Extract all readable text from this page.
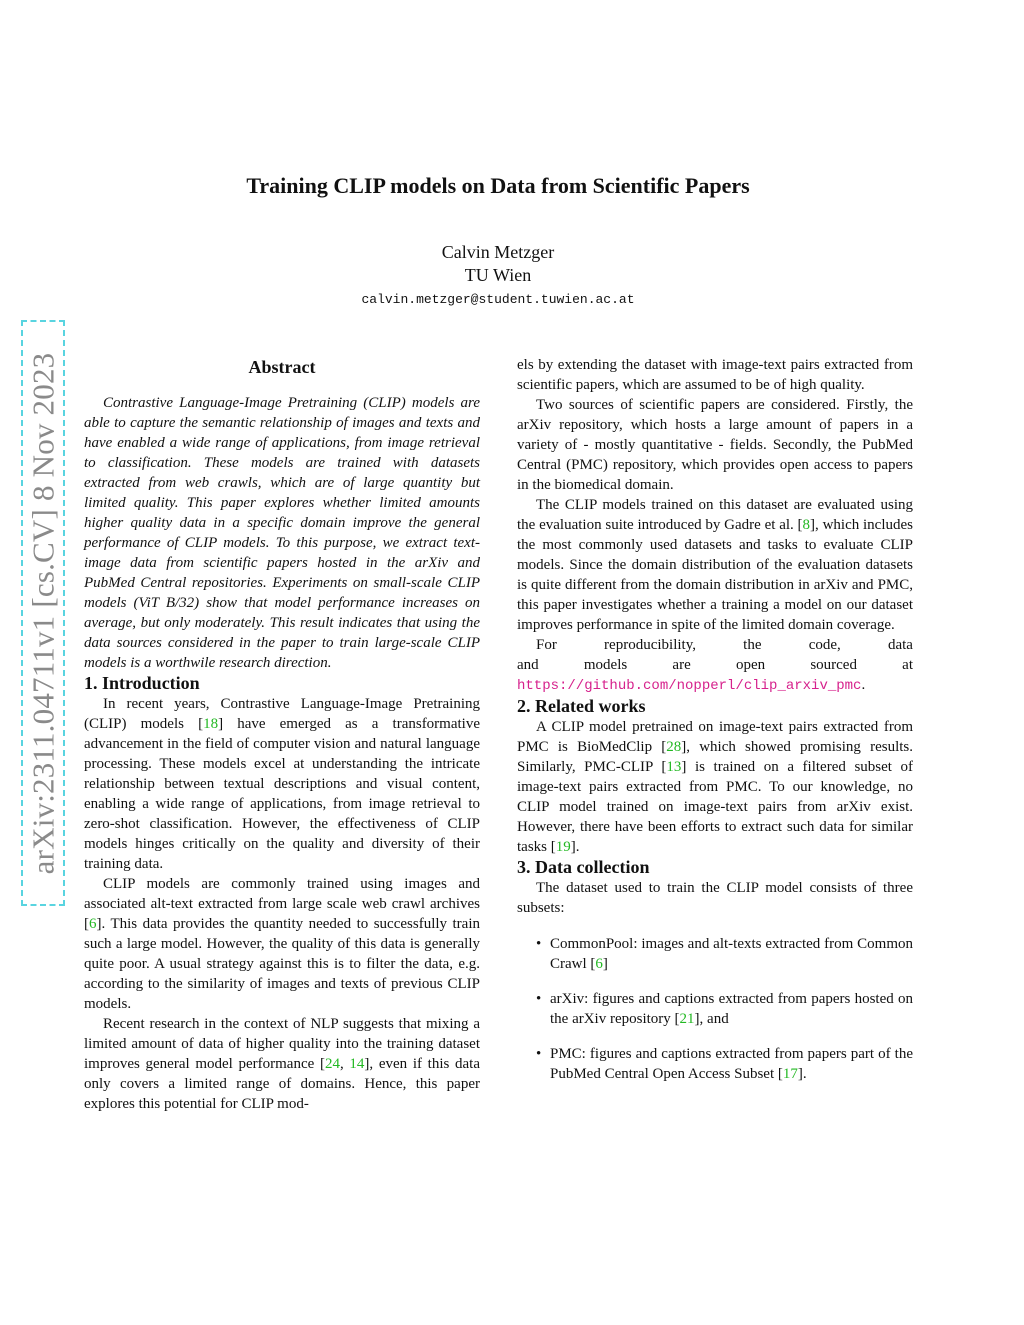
arXiv:2311.04711v1 [cs.CV] 8 Nov 2023
Training CLIP models on Data from Scientific Papers
Calvin Metzger
TU Wien
calvin.metzger@student.tuwien.ac.at
Abstract

Contrastive Language-Image Pretraining (CLIP) models are able to capture the semantic relationship of images and texts and have enabled a wide range of applications, from image retrieval to classification. These models are trained with datasets extracted from web crawls, which are of large quantity but limited quality. This paper explores whether limited amounts higher quality data in a specific domain improve the general performance of CLIP models. To this purpose, we extract text-image data from scientific papers hosted in the arXiv and PubMed Central repositories. Experiments on small-scale CLIP models (ViT B/32) show that model performance increases on average, but only moderately. This result indicates that using the data sources considered in the paper to train large-scale CLIP models is a worthwile research direction.

1. Introduction

In recent years, Contrastive Language-Image Pretraining (CLIP) models [18] have emerged as a transformative advancement in the field of computer vision and natural language processing. These models excel at understanding the intricate relationship between textual descriptions and visual content, enabling a wide range of applications, from image retrieval to zero-shot classification. However, the effectiveness of CLIP models hinges critically on the quality and diversity of their training data.

CLIP models are commonly trained using images and associated alt-text extracted from large scale web crawl archives [6]. This data provides the quantity needed to successfully train such a large model. However, the quality of this data is generally quite poor. A usual strategy against this is to filter the data, e.g. according to the similarity of images and texts of previous CLIP models.

Recent research in the context of NLP suggests that mixing a limited amount of data of higher quality into the training dataset improves general model performance [24, 14], even if this data only covers a limited range of domains. Hence, this paper explores this potential for CLIP mod-

els by extending the dataset with image-text pairs extracted from scientific papers, which are assumed to be of high quality.

Two sources of scientific papers are considered. Firstly, the arXiv repository, which hosts a large amount of papers in a variety of - mostly quantitative - fields. Secondly, the PubMed Central (PMC) repository, which provides open access to papers in the biomedical domain.

The CLIP models trained on this dataset are evaluated using the evaluation suite introduced by Gadre et al. [8], which includes the most commonly used datasets and tasks to evaluate CLIP models. Since the domain distribution of the evaluation datasets is quite different from the domain distribution in arXiv and PMC, this paper investigates whether a training a model on our dataset improves performance in spite of the limited domain coverage.

For	reproducibility,	the	code,	data
and	models	are	open	sourced	at

https://github.com/nopperl/clip_arxiv_pmc.

2. Related works

A CLIP model pretrained on image-text pairs extracted from PMC is BioMedClip [28], which showed promising results. Similarly, PMC-CLIP [13] is trained on a filtered subset of image-text pairs extracted from PMC. To our knowledge, no CLIP model trained on image-text pairs from arXiv exist. However, there have been efforts to extract such data for similar tasks [19].

3. Data collection

The dataset used to train the CLIP model consists of three subsets:

• CommonPool: images and alt-texts extracted from Common Crawl [6]
• arXiv: figures and captions extracted from papers hosted on the arXiv repository [21], and
• PMC: figures and captions extracted from papers part of the PubMed Central Open Access Subset [17].
